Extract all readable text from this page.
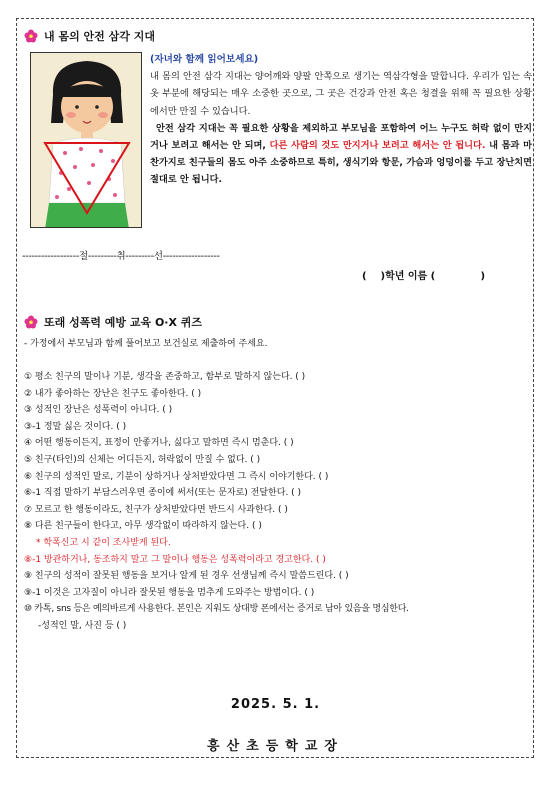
내 몸의 안전 삼각 지대
(자녀와 함께 읽어보세요)
내 몸의 안전 삼각 지대는 양어깨와 양팔 안쪽으로 생기는 역삼각형을 말합니다. 우리가 입는 속옷 부분에 해당되는 매우 소중한 곳으로, 그 곳은 건강과 안전 혹은 청결을 위해 꼭 필요한 상황에서만 만질 수 있습니다.
안전 삼각 지대는 꼭 필요한 상황을 제외하고 부모님을 포함하여 어느 누구도 허락 없이 만지거나 보려고 해서는 안 되며, 다른 사람의 것도 만지거나 보려고 해서는 안 됩니다. 내 몸과 마찬가지로 친구들의 몸도 아주 소중하므로 특히, 생식기와 항문, 가슴과 엉덩이를 두고 장난치면 절대로 안 됩니다.
------------------절---------취---------선------------------
(    )학년 이름 (             )
또래 성폭력 예방 교육 O·X 퀴즈
- 가정에서 부모님과 함께 풀어보고 보건실로 제출하여 주세요.
① 평소 친구의 말이나 기분, 생각을 존중하고, 함부로 말하지 않는다. ( )
② 내가 좋아하는 장난은 친구도 좋아한다. ( )
③ 성적인 장난은 성폭력이 아니다. ( )
③-1 정말 싫은 것이다. ( )
④ 어떤 행동이든지, 표정이 안좋거나, 싫다고 말하면 즉시 멈춘다. ( )
⑤ 친구(타인)의 신체는 어디든지, 허락없이 만질 수 없다. ( )
⑥ 친구의 성적인 말로, 기분이 상하거나 상처받았다면 그 즉시 이야기한다. ( )
⑥-1 직접 말하기 부담스러우면 종이에 써서(또는 문자로) 전달한다. ( )
⑦ 모르고 한 행동이라도, 친구가 상처받았다면 반드시 사과한다. ( )
⑧ 다른 친구들이 한다고, 아무 생각없이 따라하지 않는다. ( )
* 학폭신고 시 같이 조사받게 된다.
⑧-1 방관하거나, 동조하지 말고 그 말이나 행동은 성폭력이라고 경고한다. ( )
⑨ 친구의 성적이 잘못된 행동을 보거나 알게 된 경우 선생님께 즉시 말씀드린다. ( )
⑨-1 이것은 고자질이 아니라 잘못된 행동을 멈추게 도와주는 방법이다. ( )
⑩ 카톡, sns 등은 예의바르게 사용한다. 본인은 지워도 상대방 폰에서는 증거로 남아 있음을 명심한다.
-성적인 말, 사진 등 ( )
2025. 5. 1.
흥산초등학교장
